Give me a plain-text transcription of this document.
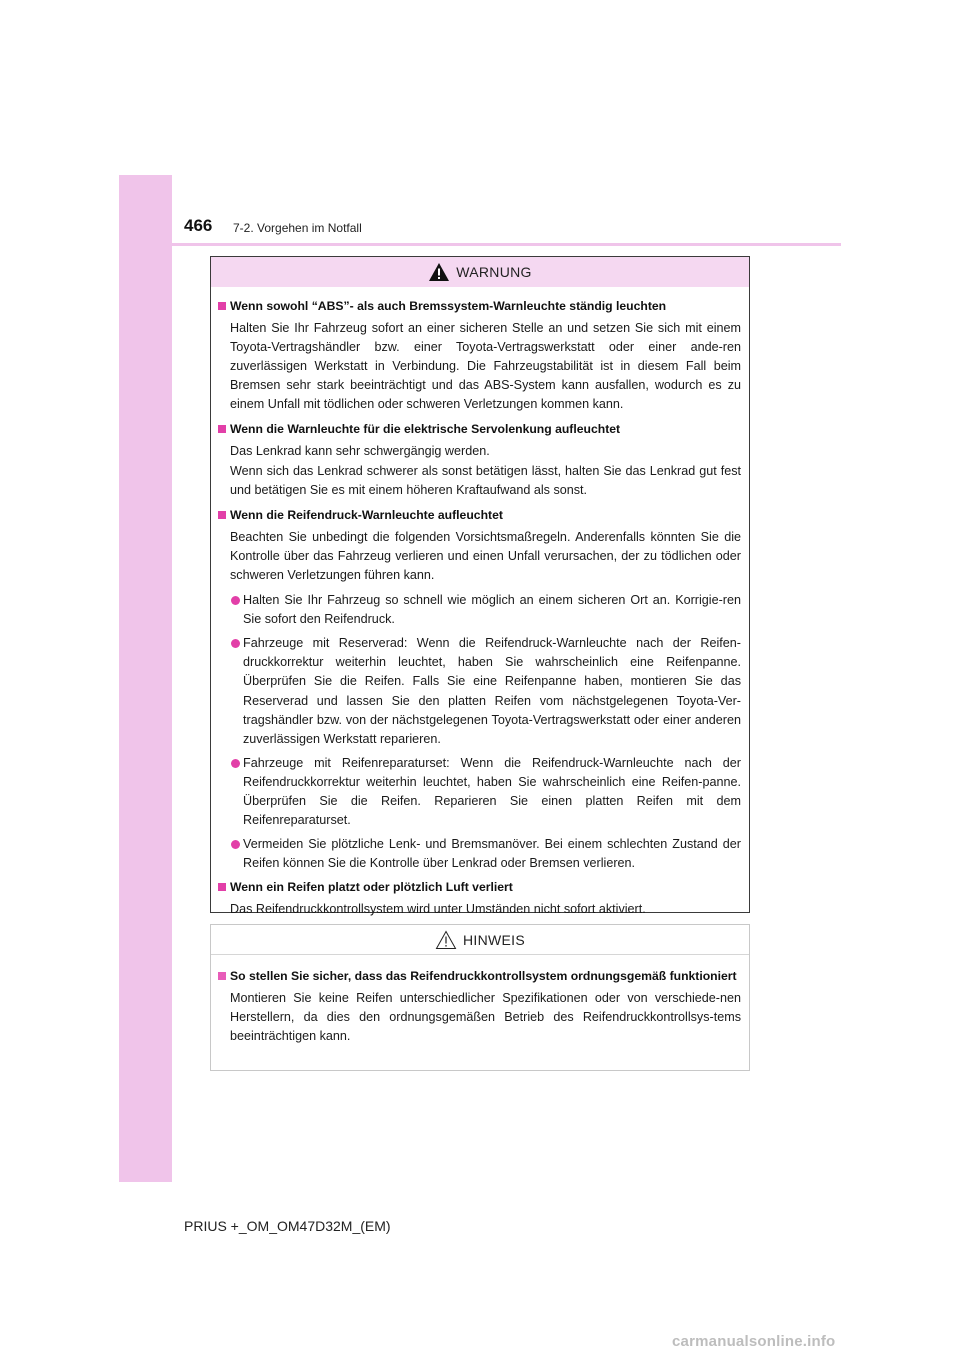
466 7-2. Vorgehen im Notfall
WARNUNG
Wenn sowohl “ABS”- als auch Bremssystem-Warnleuchte ständig leuchten
Halten Sie Ihr Fahrzeug sofort an einer sicheren Stelle an und setzen Sie sich mit einem Toyota-Vertragshändler bzw. einer Toyota-Vertragswerkstatt oder einer ande-ren zuverlässigen Werkstatt in Verbindung. Die Fahrzeugstabilität ist in diesem Fall beim Bremsen sehr stark beeinträchtigt und das ABS-System kann ausfallen, wodurch es zu einem Unfall mit tödlichen oder schweren Verletzungen kommen kann.
Wenn die Warnleuchte für die elektrische Servolenkung aufleuchtet
Das Lenkrad kann sehr schwergängig werden.
Wenn sich das Lenkrad schwerer als sonst betätigen lässt, halten Sie das Lenkrad gut fest und betätigen Sie es mit einem höheren Kraftaufwand als sonst.
Wenn die Reifendruck-Warnleuchte aufleuchtet
Beachten Sie unbedingt die folgenden Vorsichtsmaßregeln. Anderenfalls könnten Sie die Kontrolle über das Fahrzeug verlieren und einen Unfall verursachen, der zu tödlichen oder schweren Verletzungen führen kann.
Halten Sie Ihr Fahrzeug so schnell wie möglich an einem sicheren Ort an. Korrigie-ren Sie sofort den Reifendruck.
Fahrzeuge mit Reserverad: Wenn die Reifendruck-Warnleuchte nach der Reifen-druckkorrektur weiterhin leuchtet, haben Sie wahrscheinlich eine Reifenpanne. Überprüfen Sie die Reifen. Falls Sie eine Reifenpanne haben, montieren Sie das Reserverad und lassen Sie den platten Reifen vom nächstgelegenen Toyota-Ver-tragshändler bzw. von der nächstgelegenen Toyota-Vertragswerkstatt oder einer anderen zuverlässigen Werkstatt reparieren.
Fahrzeuge mit Reifenreparaturset: Wenn die Reifendruck-Warnleuchte nach der Reifendruckkorrektur weiterhin leuchtet, haben Sie wahrscheinlich eine Reifen-panne. Überprüfen Sie die Reifen. Reparieren Sie einen platten Reifen mit dem Reifenreparaturset.
Vermeiden Sie plötzliche Lenk- und Bremsmanöver. Bei einem schlechten Zustand der Reifen können Sie die Kontrolle über Lenkrad oder Bremsen verlieren.
Wenn ein Reifen platzt oder plötzlich Luft verliert
Das Reifendruckkontrollsystem wird unter Umständen nicht sofort aktiviert.
HINWEIS
So stellen Sie sicher, dass das Reifendruckkontrollsystem ordnungsgemäß funktioniert
Montieren Sie keine Reifen unterschiedlicher Spezifikationen oder von verschiede-nen Herstellern, da dies den ordnungsgemäßen Betrieb des Reifendruckkontrollsys-tems beeinträchtigen kann.
PRIUS +_OM_OM47D32M_(EM)
carmanualsonline.info
